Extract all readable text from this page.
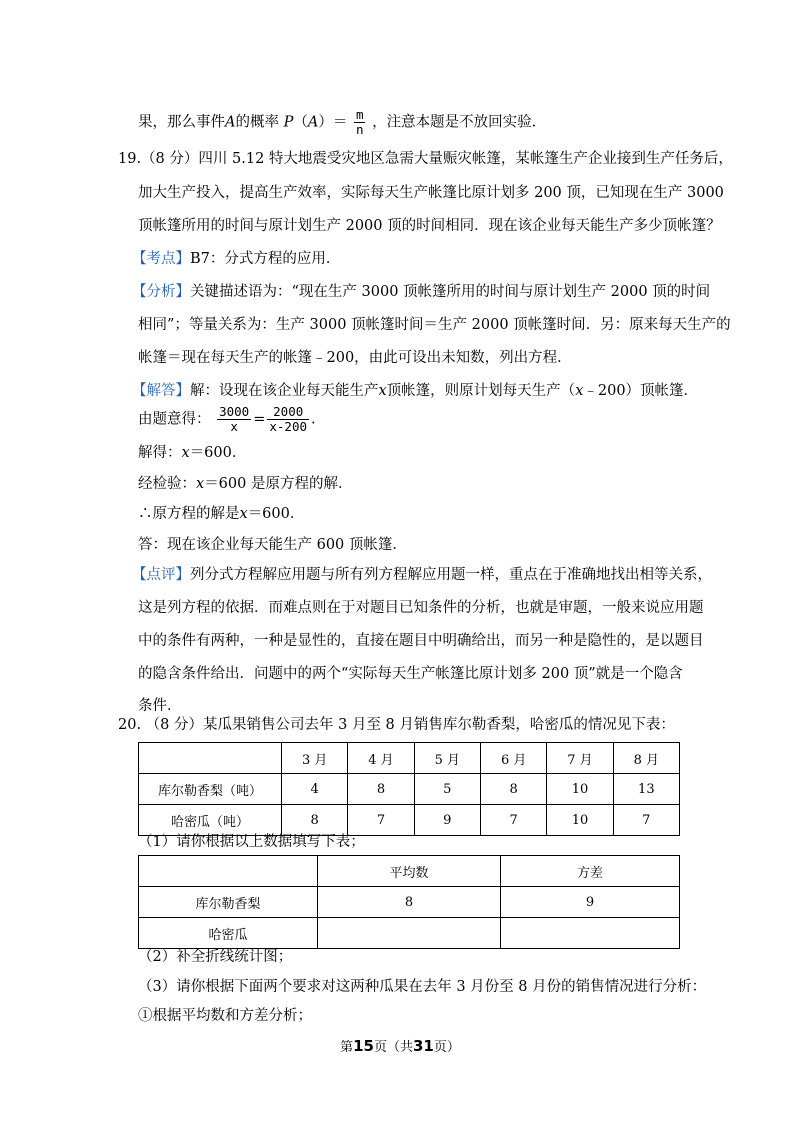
果，那么事件A的概率 $P(A)= \frac{m}{n}$ ，注意本题是不放回实验.
19.（8 分）四川 5.12 特大地震受灾地区急需大量赈灾帐篷，某帐篷生产企业接到生产任务后，
加大生产投入，提高生产效率，实际每天生产帐篷比原计划多 200 顶，已知现在生产 3000
顶帐篷所用的时间与原计划生产 2000 顶的时间相同．现在该企业每天能生产多少顶帐篷？
【考点】B7：分式方程的应用．
【分析】关键描述语为：“现在生产 3000 顶帐篷所用的时间与原计划生产 2000 顶的时间
相同”；等量关系为：生产 3000 顶帐篷时间＝生产 2000 顶帐篷时间．另：原来每天生产的
帐篷＝现在每天生产的帐篷﹣200，由此可设出未知数，列出方程．
【解答】解：设现在该企业每天能生产x顶帐篷，则原计划每天生产（x﹣200）顶帐篷．
由题意得： $\frac{3000}{x} = \frac{2000}{x-200}$ .
解得：x＝600．
经检验：x＝600 是原方程的解．
∴原方程的解是x＝600．
答：现在该企业每天能生产 600 顶帐篷．
【点评】列分式方程解应用题与所有列方程解应用题一样，重点在于准确地找出相等关系，
这是列方程的依据．而难点则在于对题目已知条件的分析，也就是审题，一般来说应用题
中的条件有两种，一种是显性的，直接在题目中明确给出，而另一种是隐性的，是以题目
的隐含条件给出．问题中的两个“实际每天生产帐篷比原计划多 200 顶”就是一个隐含
条件．
20. （8 分）某瓜果销售公司去年 3 月至 8 月销售库尔勒香梨，哈密瓜的情况见下表：
	3 月	4 月	5 月	6 月	7 月	8 月
库尔勒香梨（吨）	4	8	5	8	10	13
哈密瓜（吨）	8	7	9	7	10	7
（1）请你根据以上数据填写下表；
	平均数	方差
库尔勒香梨	8	9
哈密瓜		
（2）补全折线统计图；
（3）请你根据下面两个要求对这两种瓜果在去年 3 月份至 8 月份的销售情况进行分析：
①根据平均数和方差分析；
第15页（共31页）
